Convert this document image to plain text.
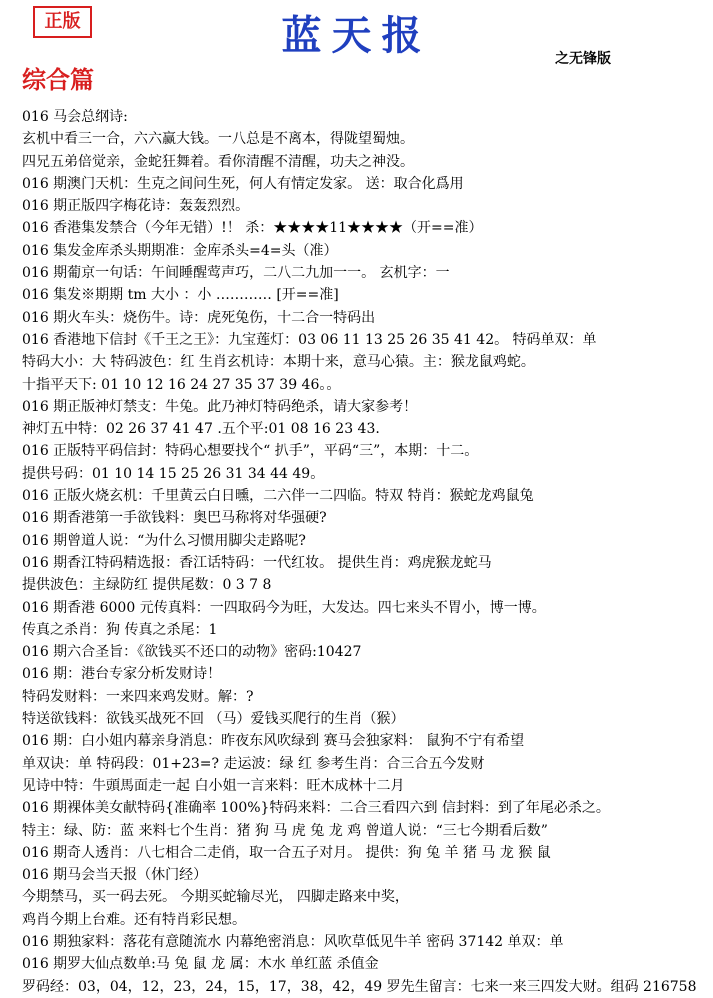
正版	蓝天报	之无锋版
综合篇
016 马会总纲诗:
玄机中看三一合，六六赢大钱。一八总是不离本，得陇望蜀烛。
四兄五弟倍觉亲，金蛇狂舞着。看你清醒不清醒，功夫之神没。
016 期澳门天机：生克之间问生死，何人有情定发家。 送：取合化爲用
016 期正版四字梅花诗：轰轰烈烈。
016 香港集发禁合（今年无错）!！ 杀：★★★★11★★★★（开==准）
016 集发金库杀头期期准：金库杀头=4=头（准）
016 期葡京一句话：午间睡醒莺声巧，二八二九加一一。 玄机字：一
016 集发※期期 tm 大小 ：小 ………… [开==准]
016 期火车头：烧伤牛。诗：虎死兔伤，十二合一特码出
016 香港地下信封《千王之王》：九宝莲灯：03 06 11 13 25 26 35 41 42。 特码单双：单
特码大小：大 特码波色：红 生肖玄机诗：本期十来，意马心猿。主：猴龙鼠鸡蛇。
十指平天下: 01 10 12 16 24 27 35 37 39 46。。
016 期正版神灯禁支：牛兔。此乃神灯特码绝杀，请大家参考！
神灯五中特：02 26 37 41 47 .五个平:01 08 16 23 43.
016 正版特平码信封：特码心想要找个“ 扒手”，平码“三”，本期：十二。
提供号码：01 10 14 15 25 26 31 34 44 49。
016 正版火烧玄机：千里黄云白日曛，二六伴一二四临。特双 特肖：猴蛇龙鸡鼠兔
016 期香港第一手欲钱料：奥巴马称将对华强硬?
016 期曾道人说：“为什么习惯用脚尖走路呢?
016 期香江特码精选报：香江话特码：一代红妆。 提供生肖：鸡虎猴龙蛇马
提供波色：主绿防红 提供尾数：0 3 7 8
016 期香港 6000 元传真料：一四取码今为旺，大发达。四七来头不胃小，博一博。
传真之杀肖：狗 传真之杀尾：1
016 期六合圣旨：《欲钱买不还口的动物》密码:10427
016 期：港台专家分析发财诗！
特码发财料：一来四来鸡发财。解：?
特送欲钱料：欲钱买战死不回 （马）爱钱买爬行的生肖（猴）
016 期：白小姐内幕亲身消息：昨夜东风吹绿到 赛马会独家料： 鼠狗不宁有希望
单双诀：单 特码段：01+23=? 走运波：绿 红 参考生肖：合三合五今发财
见诗中特：牛頭馬面走一起 白小姐一言来料：旺木成林十二月
016 期裸体美女献特码{准确率 100%}特码来料：二合三看四六到 信封料：到了年尾必杀之。
特主：绿、防：蓝 来料七个生肖：猪 狗 马 虎 兔 龙 鸡 曾道人说：“三七今期看后数”
016 期奇人透肖：八七相合二走俏，取一合五子对月。 提供：狗 兔 羊 猪 马 龙 猴 鼠
016 期马会当天报（休门经）
今期禁马，买一码去死。 今期买蛇输尽光， 四脚走路来中奖，
鸡肖今期上台难。还有特肖彩民想。
016 期独家料：落花有意随流水 内幕绝密消息：风吹草低见牛羊 密码 37142 单双：单
016 期罗大仙点数单:马 兔 鼠 龙 属：木水 单红蓝 杀值金
罗码经：03，04，12，23，24，15，17，38，42，49 罗先生留言：七来一来三四发大财。组码 216758
